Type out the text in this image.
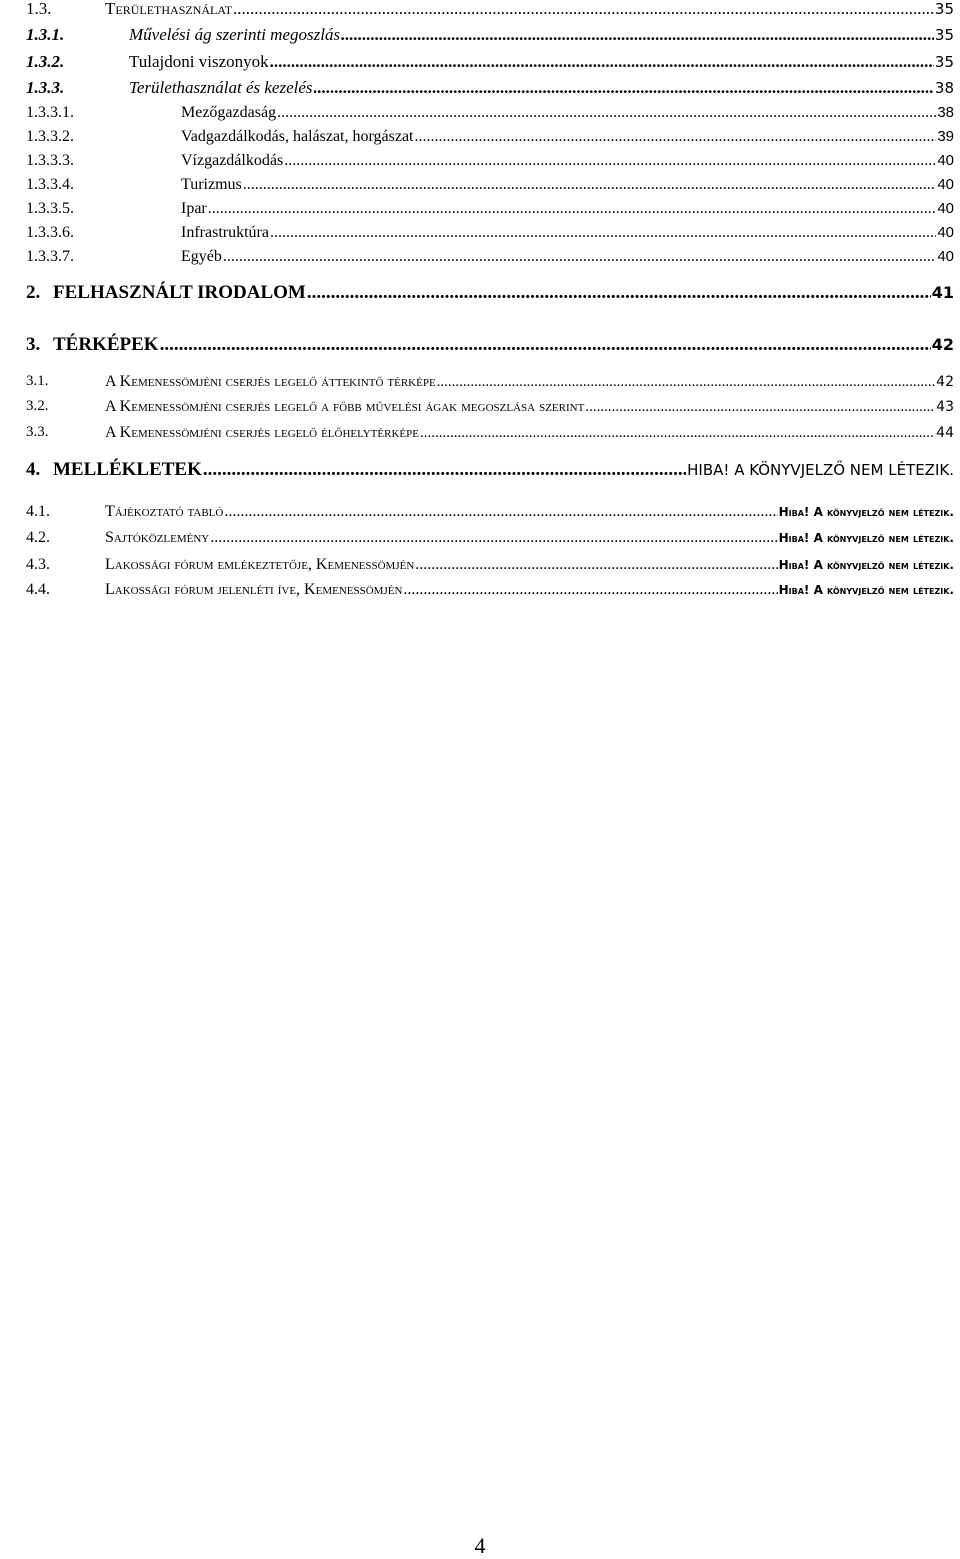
1.3.	Területhasználat .....	35
1.3.1.	Művelési ág szerinti megoszlás .....	35
1.3.2.	Tulajdoni viszonyok .....	35
1.3.3.	Területhasználat és kezelés .....	38
1.3.3.1.	Mezőgazdaság .....	38
1.3.3.2.	Vadgazdálkodás, halászat, horgászat .....	39
1.3.3.3.	Vízgazdálkodás .....	40
1.3.3.4.	Turizmus .....	40
1.3.3.5.	Ipar .....	40
1.3.3.6.	Infrastruktúra .....	40
1.3.3.7.	Egyéb .....	40
2. FELHASZNÁLT IRODALOM .....	41
3. TÉRKÉPEK .....	42
3.1.	A Kemenessömjéni cserjés legelő áttekintő térképe .....	42
3.2.	A Kemenessömjéni cserjés legelő a főbb művelési ágak megoszlása szerint .....	43
3.3.	A Kemenessömjéni cserjés legelő élőhelytérképe .....	44
4. MELLÉKLETEK .....	HIBA! A KÖNYVJELZŐ NEM LÉTEZIK.
4.1.	Tájékoztató tabló .....	Hiba! A könyvjelző nem létezik.
4.2.	Sajtóközlemény .....	Hiba! A könyvjelző nem létezik.
4.3.	Lakossági fórum emlékeztetője, Kemenessömjén .....	Hiba! A könyvjelző nem létezik.
4.4.	Lakossági fórum jelenléti íve, Kemenessömjén .....	Hiba! A könyvjelző nem létezik.
4
